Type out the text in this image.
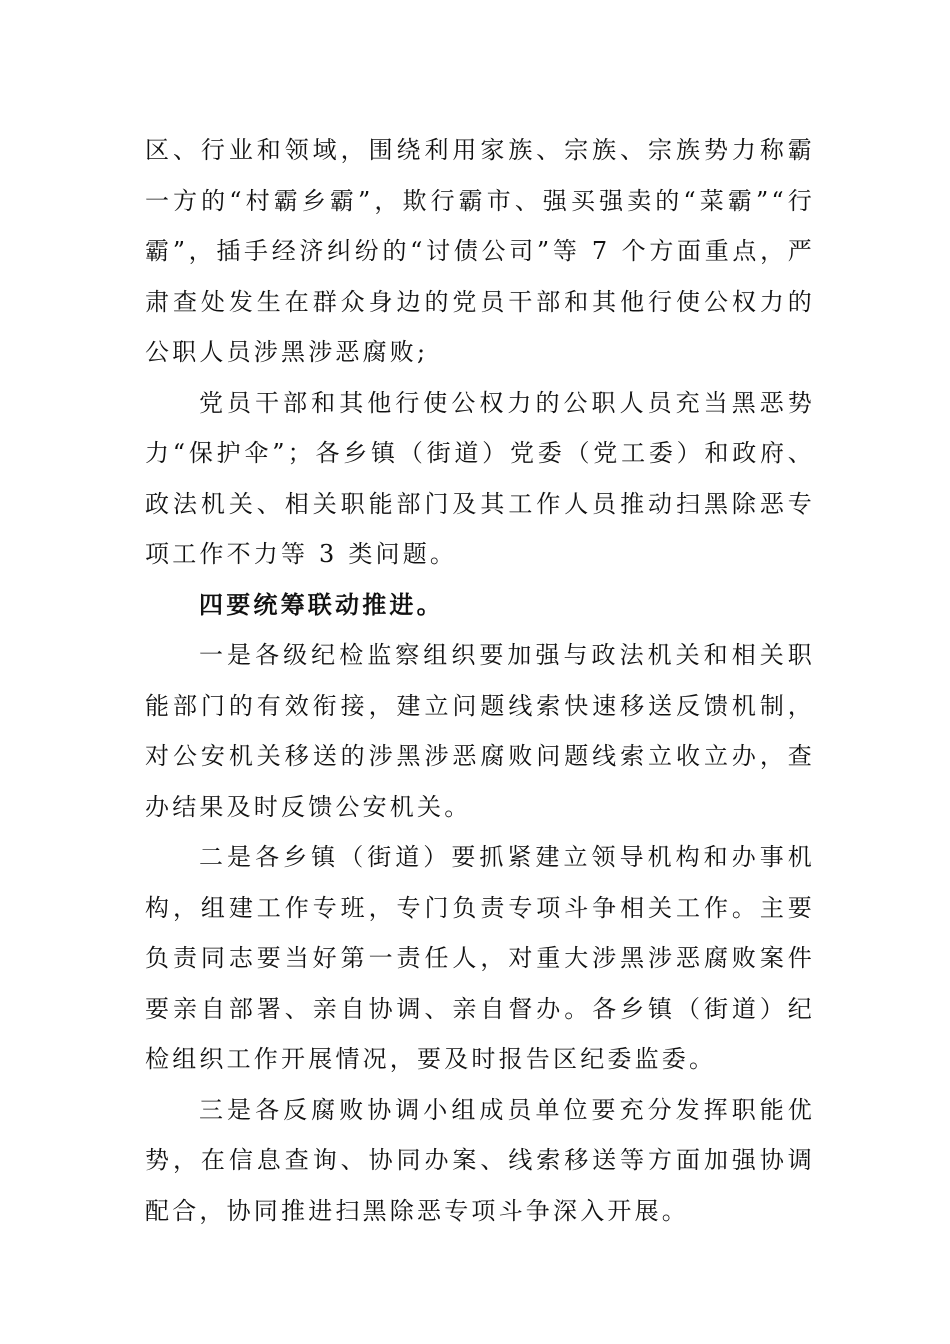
区、行业和领域，围绕利用家族、宗族、宗族势力称霸一方的“村霸乡霸”，欺行霸市、强买强卖的“菜霸”“行霸”，插手经济纠纷的“讨债公司”等 7 个方面重点，严肃查处发生在群众身边的党员干部和其他行使公权力的公职人员涉黑涉恶腐败;

党员干部和其他行使公权力的公职人员充当黑恶势力“保护伞”；各乡镇（街道）党委（党工委）和政府、政法机关、相关职能部门及其工作人员推动扫黑除恶专项工作不力等 3 类问题。

四要统筹联动推进。

一是各级纪检监察组织要加强与政法机关和相关职能部门的有效衔接，建立问题线索快速移送反馈机制，对公安机关移送的涉黑涉恶腐败问题线索立收立办，查办结果及时反馈公安机关。

二是各乡镇（街道）要抓紧建立领导机构和办事机构，组建工作专班，专门负责专项斗争相关工作。主要负责同志要当好第一责任人，对重大涉黑涉恶腐败案件要亲自部署、亲自协调、亲自督办。各乡镇（街道）纪检组织工作开展情况，要及时报告区纪委监委。

三是各反腐败协调小组成员单位要充分发挥职能优势，在信息查询、协同办案、线索移送等方面加强协调配合，协同推进扫黑除恶专项斗争深入开展。
